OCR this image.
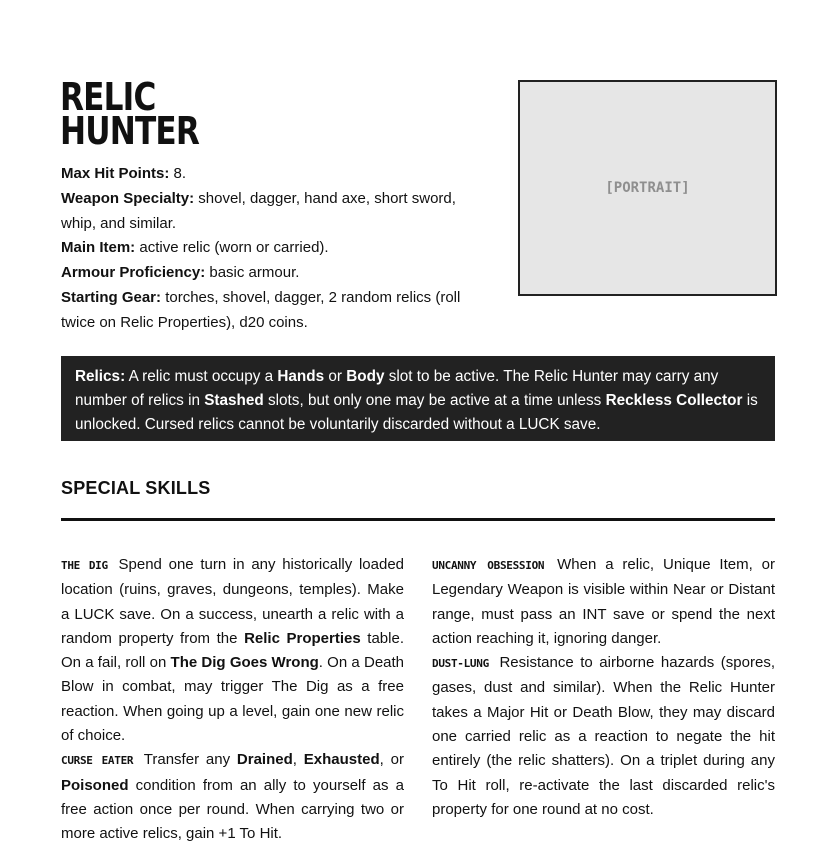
RELIC
HUNTER
Max Hit Points: 8.
Weapon Specialty: shovel, dagger, hand axe, short sword, whip, and similar.
Main Item: active relic (worn or carried).
Armour Proficiency: basic armour.
Starting Gear: torches, shovel, dagger, 2 random relics (roll twice on Relic Properties), d20 coins.
[PORTRAIT]
Relics: A relic must occupy a Hands or Body slot to be active. The Relic Hunter may carry any number of relics in Stashed slots, but only one may be active at a time unless Reckless Collector is unlocked. Cursed relics cannot be voluntarily discarded without a LUCK save.
SPECIAL SKILLS

THE DIG Spend one turn in any historically loaded location (ruins, graves, dungeons, temples). Make a LUCK save. On a success, unearth a relic with a random property from the Relic Properties table. On a fail, roll on The Dig Goes Wrong. On a Death Blow in combat, may trigger The Dig as a free reaction. When going up a level, gain one new relic of choice.

CURSE EATER Transfer any Drained, Exhausted, or Poisoned condition from an ally to yourself as a free action once per round. When carrying two or more active relics, gain +1 To Hit.

UNCANNY OBSESSION When a relic, Unique Item, or Legendary Weapon is visible within Near or Distant range, must pass an INT save or spend the next action reaching it, ignoring danger.

DUST-LUNG Resistance to airborne hazards (spores, gases, dust and similar). When the Relic Hunter takes a Major Hit or Death Blow, they may discard one carried relic as a reaction to negate the hit entirely (the relic shatters). On a triplet during any To Hit roll, re-activate the last discarded relic's property for one round at no cost.
